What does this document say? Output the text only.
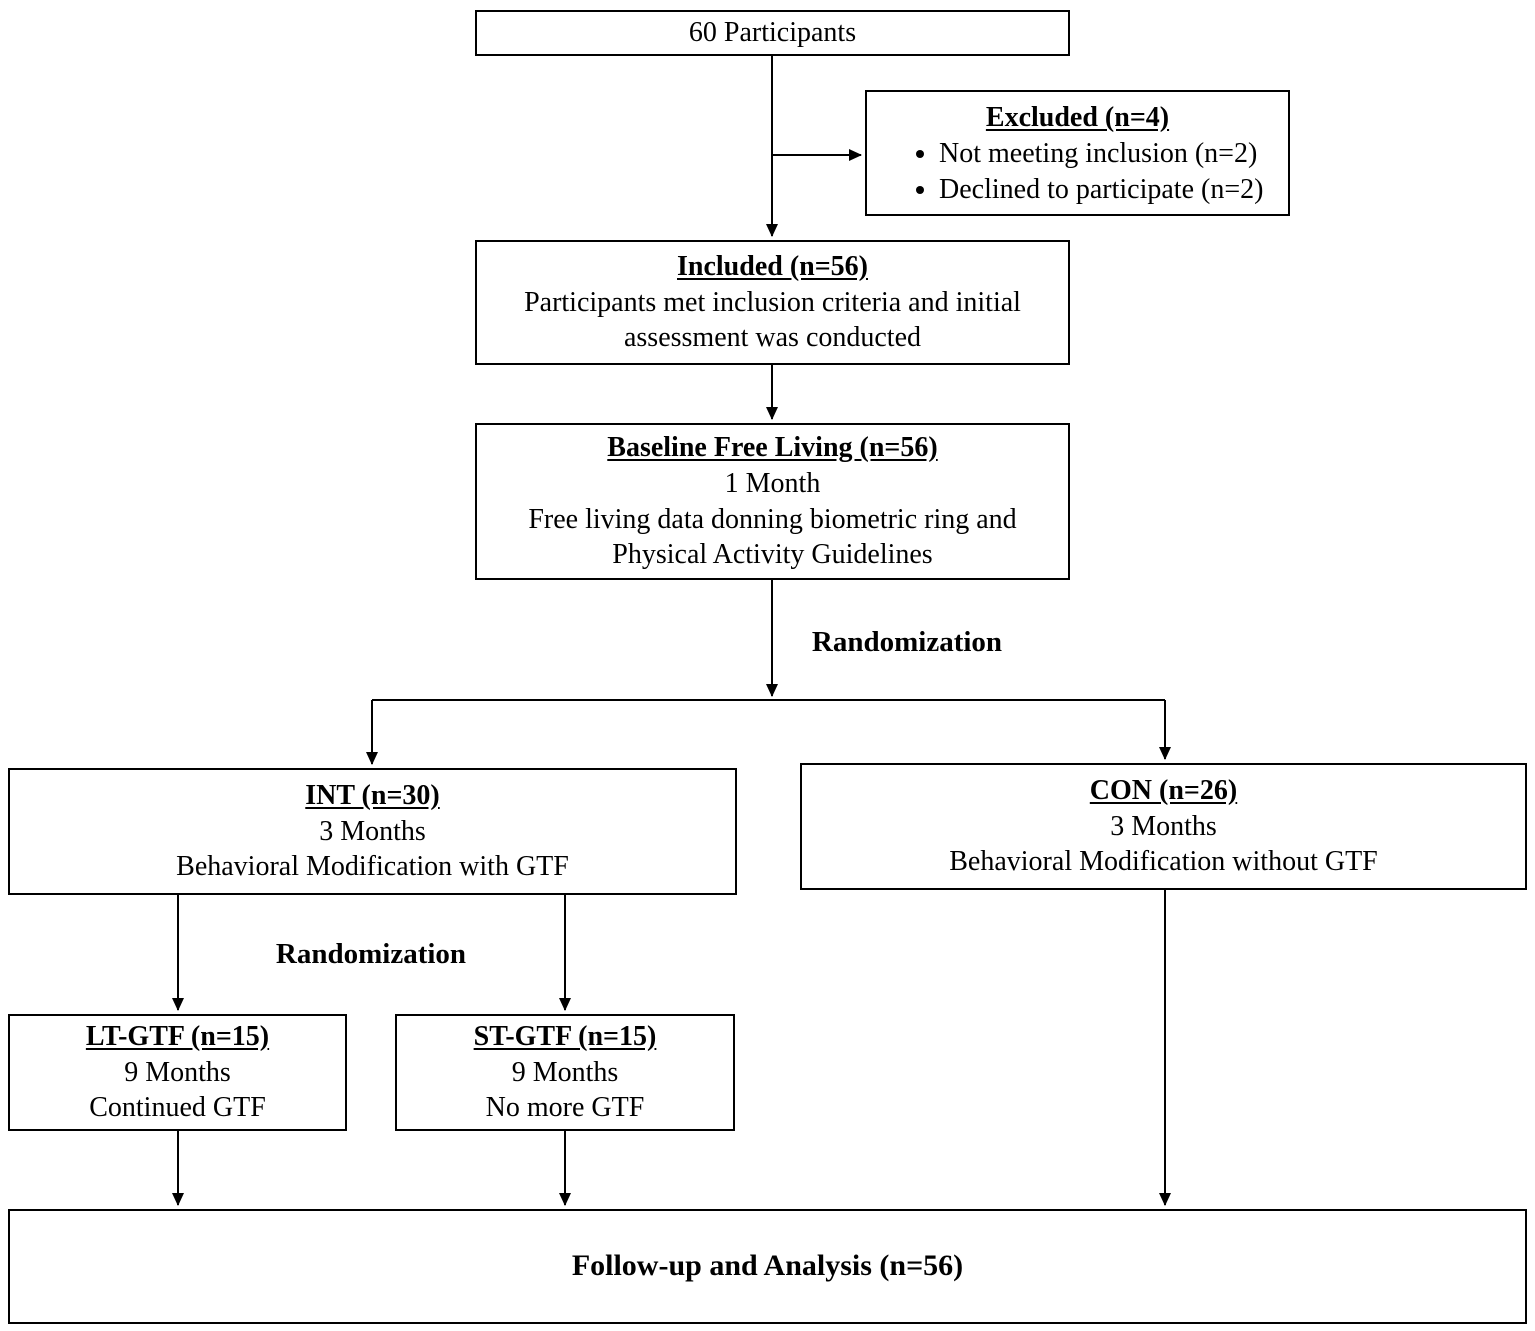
60 Participants
Excluded (n=4)
• Not meeting inclusion (n=2)
• Declined to participate (n=2)
Included (n=56)
Participants met inclusion criteria and initial assessment was conducted
Baseline Free Living (n=56)
1 Month
Free living data donning biometric ring and Physical Activity Guidelines
Randomization
INT (n=30)
3 Months
Behavioral Modification with GTF
CON (n=26)
3 Months
Behavioral Modification without GTF
Randomization
LT-GTF (n=15)
9 Months
Continued GTF
ST-GTF (n=15)
9 Months
No more GTF
Follow-up and Analysis (n=56)
